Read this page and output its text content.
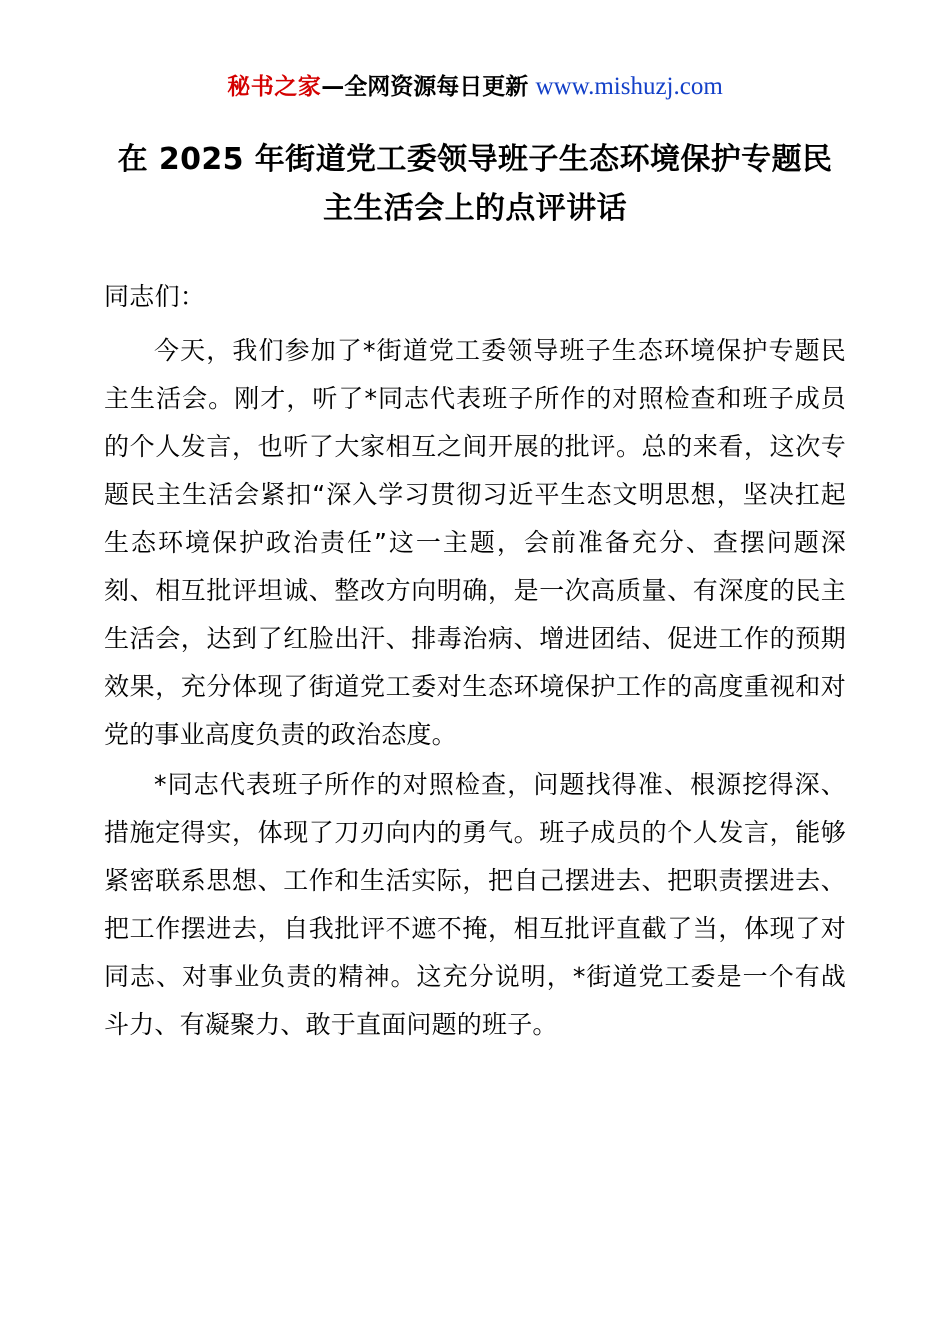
秘书之家—全网资源每日更新 www.mishuzj.com
在 2025 年街道党工委领导班子生态环境保护专题民主生活会上的点评讲话

同志们：

今天，我们参加了*街道党工委领导班子生态环境保护专题民主生活会。刚才，听了*同志代表班子所作的对照检查和班子成员的个人发言，也听了大家相互之间开展的批评。总的来看，这次专题民主生活会紧扣“深入学习贯彻习近平生态文明思想，坚决扛起生态环境保护政治责任”这一主题，会前准备充分、查摆问题深刻、相互批评坦诚、整改方向明确，是一次高质量、有深度的民主生活会，达到了红脸出汗、排毒治病、增进团结、促进工作的预期效果，充分体现了街道党工委对生态环境保护工作的高度重视和对党的事业高度负责的政治态度。

*同志代表班子所作的对照检查，问题找得准、根源挖得深、措施定得实，体现了刀刃向内的勇气。班子成员的个人发言，能够紧密联系思想、工作和生活实际，把自己摆进去、把职责摆进去、把工作摆进去，自我批评不遮不掩，相互批评直截了当，体现了对同志、对事业负责的精神。这充分说明，*街道党工委是一个有战斗力、有凝聚力、敢于直面问题的班子。
